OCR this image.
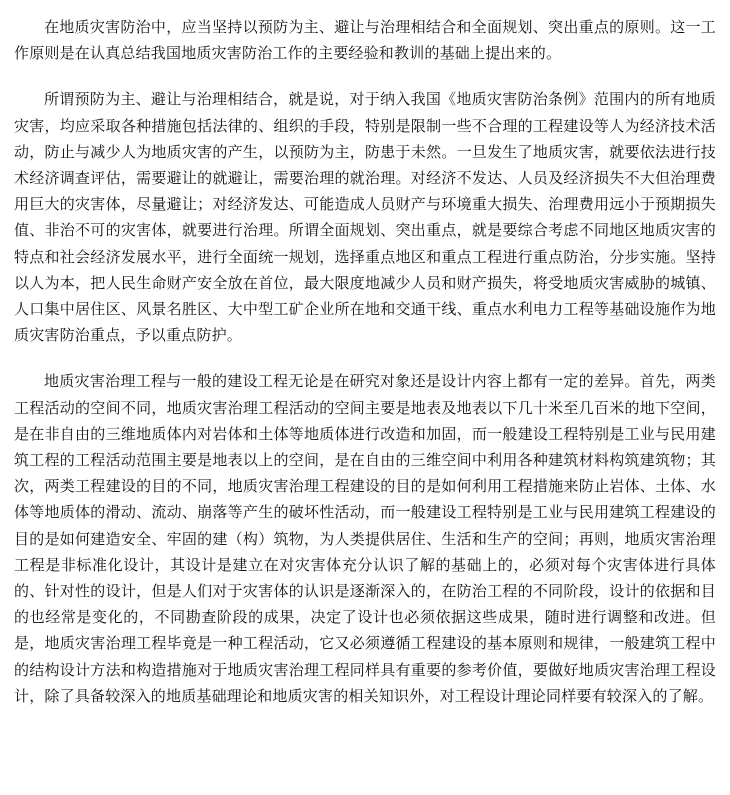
在地质灾害防治中，应当坚持以预防为主、避让与治理相结合和全面规划、突出重点的原则。这一工作原则是在认真总结我国地质灾害防治工作的主要经验和教训的基础上提出来的。

所谓预防为主、避让与治理相结合，就是说，对于纳入我国《地质灾害防治条例》范围内的所有地质灾害，均应采取各种措施包括法律的、组织的手段，特别是限制一些不合理的工程建设等人为经济技术活动，防止与减少人为地质灾害的产生，以预防为主，防患于未然。一旦发生了地质灾害，就要依法进行技术经济调查评估，需要避让的就避让，需要治理的就治理。对经济不发达、人员及经济损失不大但治理费用巨大的灾害体，尽量避让；对经济发达、可能造成人员财产与环境重大损失、治理费用远小于预期损失值、非治不可的灾害体，就要进行治理。所谓全面规划、突出重点，就是要综合考虑不同地区地质灾害的特点和社会经济发展水平，进行全面统一规划，选择重点地区和重点工程进行重点防治，分步实施。坚持以人为本，把人民生命财产安全放在首位，最大限度地减少人员和财产损失，将受地质灾害威胁的城镇、人口集中居住区、风景名胜区、大中型工矿企业所在地和交通干线、重点水利电力工程等基础设施作为地质灾害防治重点，予以重点防护。

地质灾害治理工程与一般的建设工程无论是在研究对象还是设计内容上都有一定的差异。首先，两类工程活动的空间不同，地质灾害治理工程活动的空间主要是地表及地表以下几十米至几百米的地下空间，是在非自由的三维地质体内对岩体和土体等地质体进行改造和加固，而一般建设工程特别是工业与民用建筑工程的工程活动范围主要是地表以上的空间，是在自由的三维空间中利用各种建筑材料构筑建筑物；其次，两类工程建设的目的不同，地质灾害治理工程建设的目的是如何利用工程措施来防止岩体、土体、水体等地质体的滑动、流动、崩落等产生的破坏性活动，而一般建设工程特别是工业与民用建筑工程建设的目的是如何建造安全、牢固的建（构）筑物，为人类提供居住、生活和生产的空间；再则，地质灾害治理工程是非标准化设计，其设计是建立在对灾害体充分认识了解的基础上的，必须对每个灾害体进行具体的、针对性的设计，但是人们对于灾害体的认识是逐渐深入的，在防治工程的不同阶段，设计的依据和目的也经常是变化的，不同勘查阶段的成果，决定了设计也必须依据这些成果，随时进行调整和改进。但是，地质灾害治理工程毕竟是一种工程活动，它又必须遵循工程建设的基本原则和规律，一般建筑工程中的结构设计方法和构造措施对于地质灾害治理工程同样具有重要的参考价值，要做好地质灾害治理工程设计，除了具备较深入的地质基础理论和地质灾害的相关知识外，对工程设计理论同样要有较深入的了解。
